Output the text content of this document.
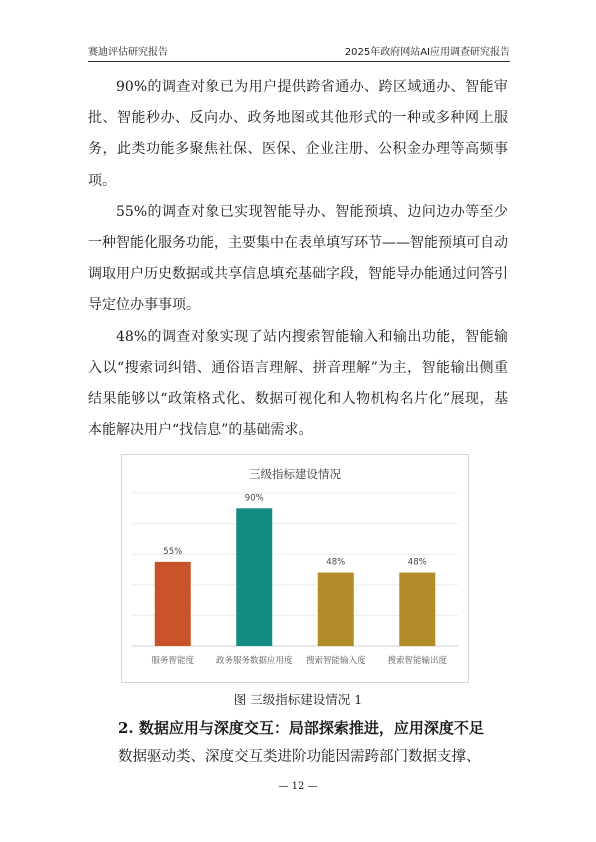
赛迪评估研究报告	2025年政府网站AI应用调查研究报告

90%的调查对象已为用户提供跨省通办、跨区域通办、智能审批、智能秒办、反向办、政务地图或其他形式的一种或多种网上服务，此类功能多聚焦社保、医保、企业注册、公积金办理等高频事项。

55%的调查对象已实现智能导办、智能预填、边问边办等至少一种智能化服务功能，主要集中在表单填写环节——智能预填可自动调取用户历史数据或共享信息填充基础字段，智能导办能通过问答引导定位办事事项。

48%的调查对象实现了站内搜索智能输入和输出功能，智能输入以“搜索词纠错、通俗语言理解、拼音理解”为主，智能输出侧重结果能够以“政策格式化、数据可视化和人物机构名片化”展现，基本能解决用户“找信息”的基础需求。

三级指标建设情况
55%
服务智能度
90%
政务服务数据应用度
48%
搜索智能输入度
48%
搜索智能输出度
图 三级指标建设情况 1
2. 数据应用与深度交互：局部探索推进，应用深度不足
数据驱动类、深度交互类进阶功能因需跨部门数据支撑、
— 12 —
